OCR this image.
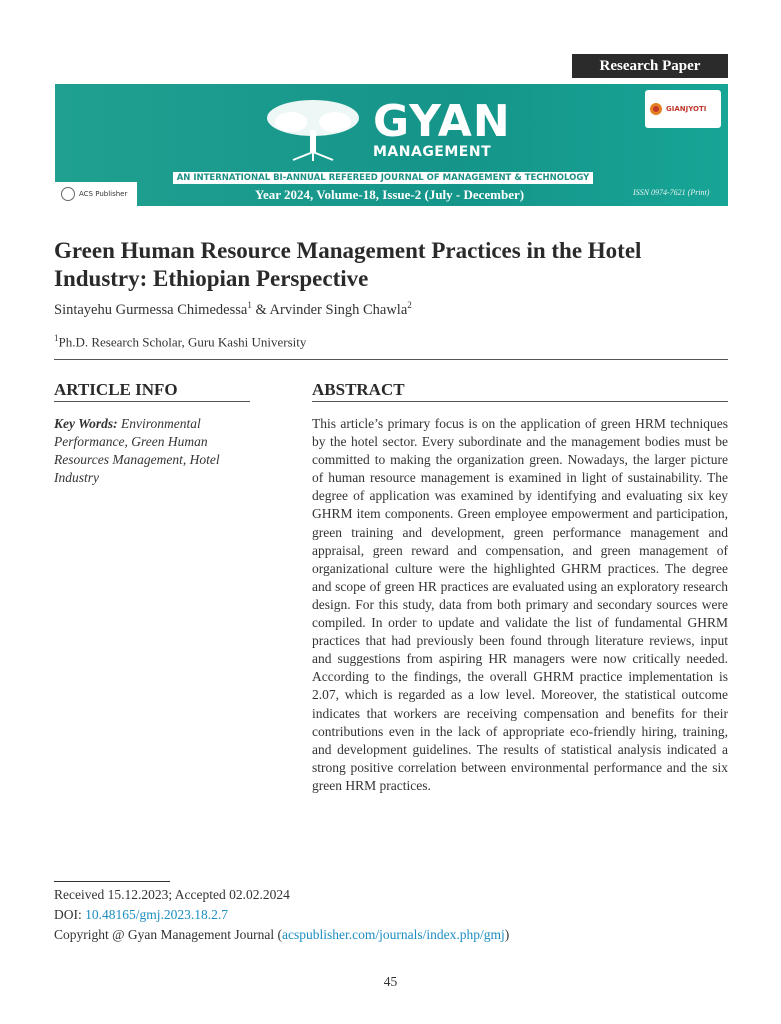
Research Paper
GYAN
MANAGEMENT
GIANJYOTI
AN INTERNATIONAL BI-ANNUAL REFEREED JOURNAL OF MANAGEMENT & TECHNOLOGY
ACS Publisher	Year 2024, Volume-18, Issue-2 (July - December)	ISSN 0974-7621 (Print)
Green Human Resource Management Practices in the Hotel Industry: Ethiopian Perspective
Sintayehu Gurmessa Chimedessa$^1$ & Arvinder Singh Chawla$^2$
$^1$Ph.D. Research Scholar, Guru Kashi University
ARTICLE INFO	ABSTRACT
Key Words: Environmental Performance, Green Human Resources Management, Hotel Industry

This article’s primary focus is on the application of green HRM techniques by the hotel sector. Every subordinate and the management bodies must be committed to making the organization green. Nowadays, the larger picture of human resource management is examined in light of sustainability. The degree of application was examined by identifying and evaluating six key GHRM item components. Green employee empowerment and participation, green training and development, green performance management and appraisal, green reward and compensation, and green management of organizational culture were the highlighted GHRM practices. The degree and scope of green HR practices are evaluated using an exploratory research design. For this study, data from both primary and secondary sources were compiled. In order to update and validate the list of fundamental GHRM practices that had previously been found through literature reviews, input and suggestions from aspiring HR managers were now critically needed. According to the findings, the overall GHRM practice implementation is 2.07, which is regarded as a low level. Moreover, the statistical outcome indicates that workers are receiving compensation and benefits for their contributions even in the lack of appropriate eco-friendly hiring, training, and development guidelines. The results of statistical analysis indicated a strong positive correlation between environmental performance and the six green HRM practices.

Received 15.12.2023; Accepted 02.02.2024
DOI: 10.48165/gmj.2023.18.2.7
Copyright @ Gyan Management Journal (acspublisher.com/journals/index.php/gmj)
45
